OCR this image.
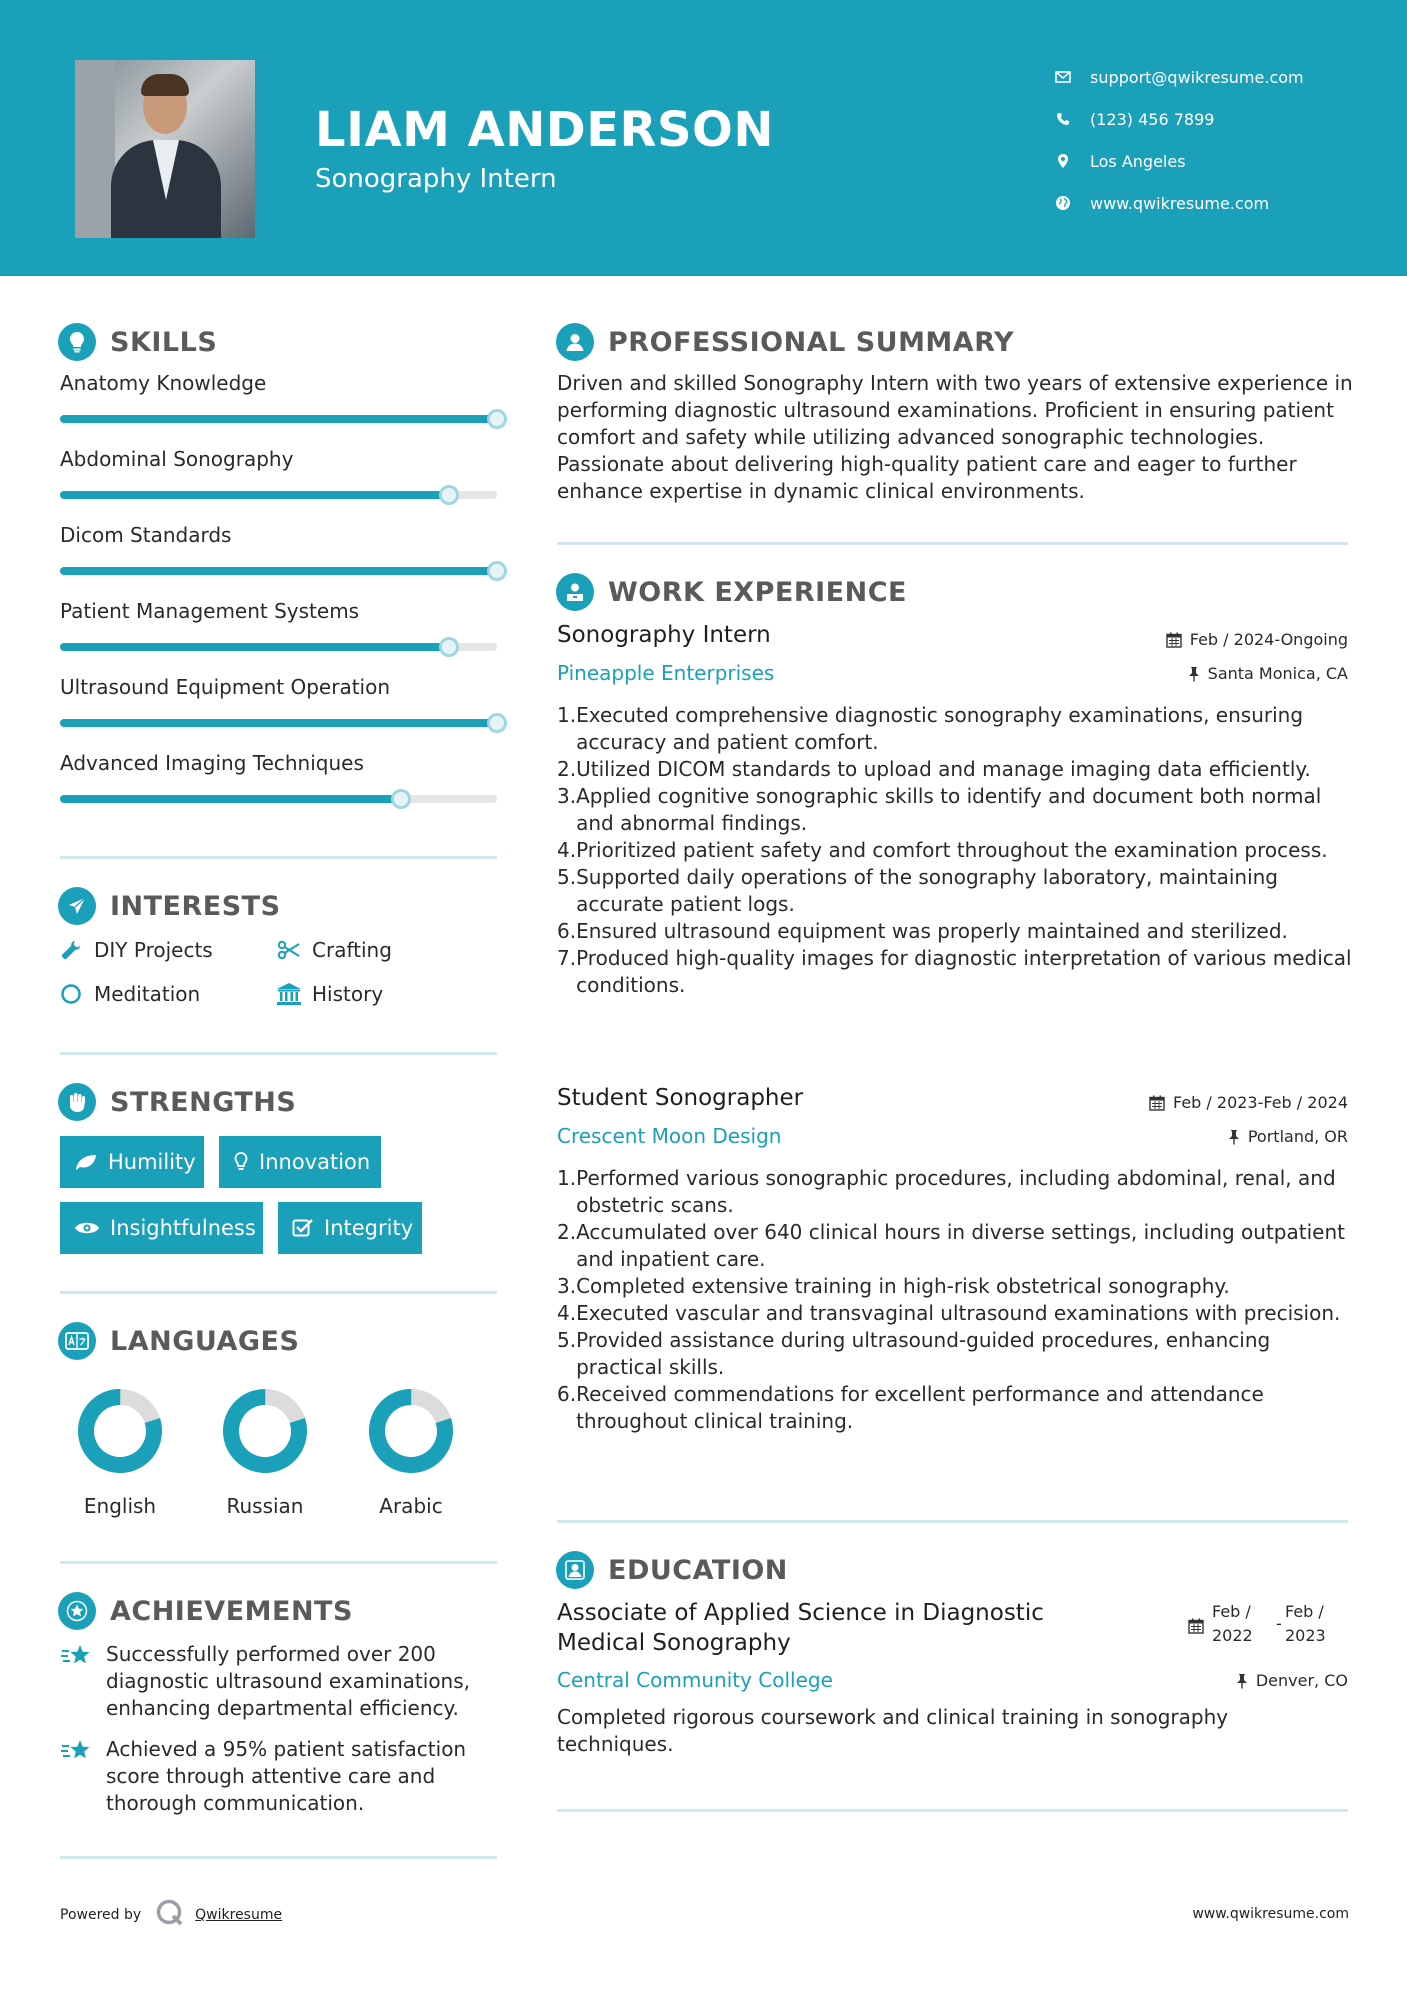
LIAM ANDERSON
Sonography Intern
support@qwikresume.com
(123) 456 7899
Los Angeles
www.qwikresume.com
SKILLS
Anatomy Knowledge
Abdominal Sonography
Dicom Standards
Patient Management Systems
Ultrasound Equipment Operation
Advanced Imaging Techniques
INTERESTS
DIY Projects	Crafting
Meditation	History
STRENGTHS
Humility	Innovation
Insightfulness	Integrity
LANGUAGES
English	Russian	Arabic
ACHIEVEMENTS
Successfully performed over 200 diagnostic ultrasound examinations, enhancing departmental efficiency.
Achieved a 95% patient satisfaction score through attentive care and thorough communication.
PROFESSIONAL SUMMARY
Driven and skilled Sonography Intern with two years of extensive experience in performing diagnostic ultrasound examinations. Proficient in ensuring patient comfort and safety while utilizing advanced sonographic technologies. Passionate about delivering high-quality patient care and eager to further enhance expertise in dynamic clinical environments.
WORK EXPERIENCE
Sonography Intern	Feb / 2024-Ongoing
Pineapple Enterprises	Santa Monica, CA
1. Executed comprehensive diagnostic sonography examinations, ensuring accuracy and patient comfort.
2. Utilized DICOM standards to upload and manage imaging data efficiently.
3. Applied cognitive sonographic skills to identify and document both normal and abnormal findings.
4. Prioritized patient safety and comfort throughout the examination process.
5. Supported daily operations of the sonography laboratory, maintaining accurate patient logs.
6. Ensured ultrasound equipment was properly maintained and sterilized.
7. Produced high-quality images for diagnostic interpretation of various medical conditions.
Student Sonographer	Feb / 2023-Feb / 2024
Crescent Moon Design	Portland, OR
1. Performed various sonographic procedures, including abdominal, renal, and obstetric scans.
2. Accumulated over 640 clinical hours in diverse settings, including outpatient and inpatient care.
3. Completed extensive training in high-risk obstetrical sonography.
4. Executed vascular and transvaginal ultrasound examinations with precision.
5. Provided assistance during ultrasound-guided procedures, enhancing practical skills.
6. Received commendations for excellent performance and attendance throughout clinical training.
EDUCATION
Associate of Applied Science in Diagnostic
Medical Sonography
Feb /
2022
-
Feb /
2023
Central Community College	Denver, CO
Completed rigorous coursework and clinical training in sonography techniques.
Powered by	Qwikresume	www.qwikresume.com
